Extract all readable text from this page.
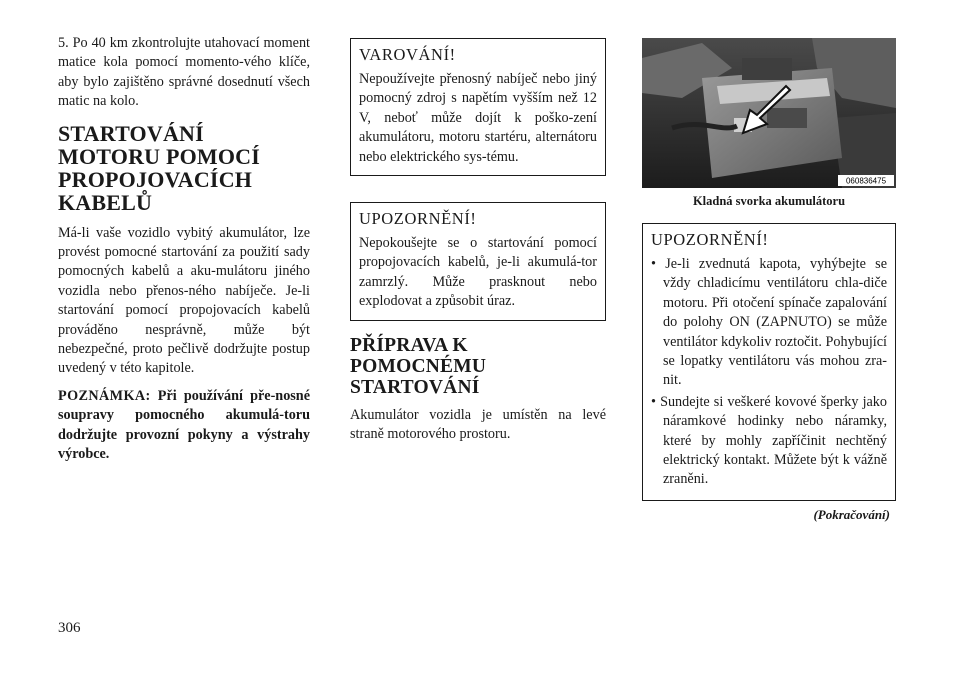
5. Po 40 km zkontrolujte utahovací moment matice kola pomocí momento-vého klíče, aby bylo zajištěno správné dosednutí všech matic na kolo.

STARTOVÁNÍ MOTORU POMOCÍ PROPOJOVACÍCH KABELŮ

Má-li vaše vozidlo vybitý akumulátor, lze provést pomocné startování za použití sady pomocných kabelů a aku-mulátoru jiného vozidla nebo přenos-ného nabíječe. Je-li startování pomocí propojovacích kabelů prováděno nesprávně, může být nebezpečné, proto pečlivě dodržujte postup uvedený v této kapitole.

POZNÁMKA: Při používání pře-nosné soupravy pomocného akumulá-toru dodržujte provozní pokyny a výstrahy výrobce.

VAROVÁNÍ!

Nepoužívejte přenosný nabíječ nebo jiný pomocný zdroj s napětím vyšším než 12 V, neboť může dojít k poško-zení akumulátoru, motoru startéru, alternátoru nebo elektrického sys-tému.

UPOZORNĚNÍ!

Nepokoušejte se o startování pomocí propojovacích kabelů, je-li akumulá-tor zamrzlý. Může prasknout nebo explodovat a způsobit úraz.

PŘÍPRAVA K POMOCNÉMU STARTOVÁNÍ

Akumulátor vozidla je umístěn na levé straně motorového prostoru.

060836475
Kladná svorka akumulátoru
UPOZORNĚNÍ!
• Je-li zvednutá kapota, vyhýbejte se vždy chladicímu ventilátoru chla-diče motoru. Při otočení spínače zapalování do polohy ON (ZAPNUTO) se může ventilátor kdykoliv roztočit. Pohybující se lopatky ventilátoru vás mohou zra-nit.
• Sundejte si veškeré kovové šperky jako náramkové hodinky nebo náramky, které by mohly zapříčinit nechtěný elektrický kontakt. Můžete být k vážně zraněni.
(Pokračování)
306
